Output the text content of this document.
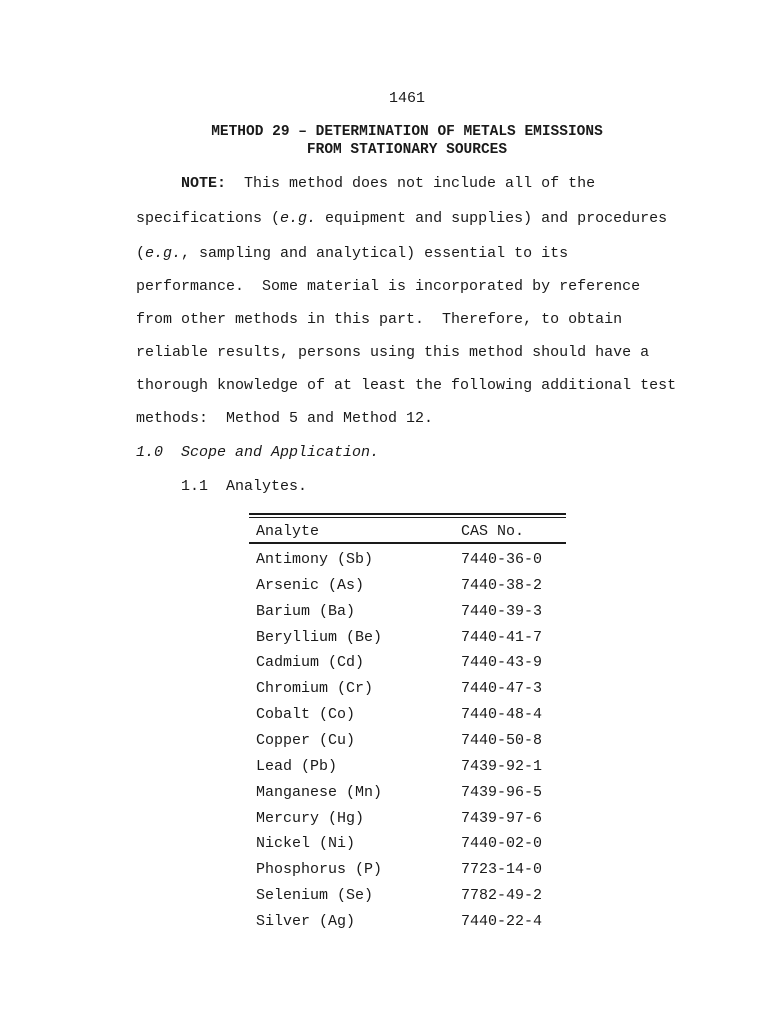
1461
METHOD 29 – DETERMINATION OF METALS EMISSIONS
FROM STATIONARY SOURCES
NOTE:  This method does not include all of the
specifications (e.g. equipment and supplies) and procedures
(e.g., sampling and analytical) essential to its
performance.  Some material is incorporated by reference
from other methods in this part.  Therefore, to obtain
reliable results, persons using this method should have a
thorough knowledge of at least the following additional test
methods:  Method 5 and Method 12.
1.0  Scope and Application.
1.1  Analytes.
Analyte	CAS No.
Antimony (Sb)	7440-36-0
Arsenic (As)	7440-38-2
Barium (Ba)	7440-39-3
Beryllium (Be)	7440-41-7
Cadmium (Cd)	7440-43-9
Chromium (Cr)	7440-47-3
Cobalt (Co)	7440-48-4
Copper (Cu)	7440-50-8
Lead (Pb)	7439-92-1
Manganese (Mn)	7439-96-5
Mercury (Hg)	7439-97-6
Nickel (Ni)	7440-02-0
Phosphorus (P)	7723-14-0
Selenium (Se)	7782-49-2
Silver (Ag)	7440-22-4
